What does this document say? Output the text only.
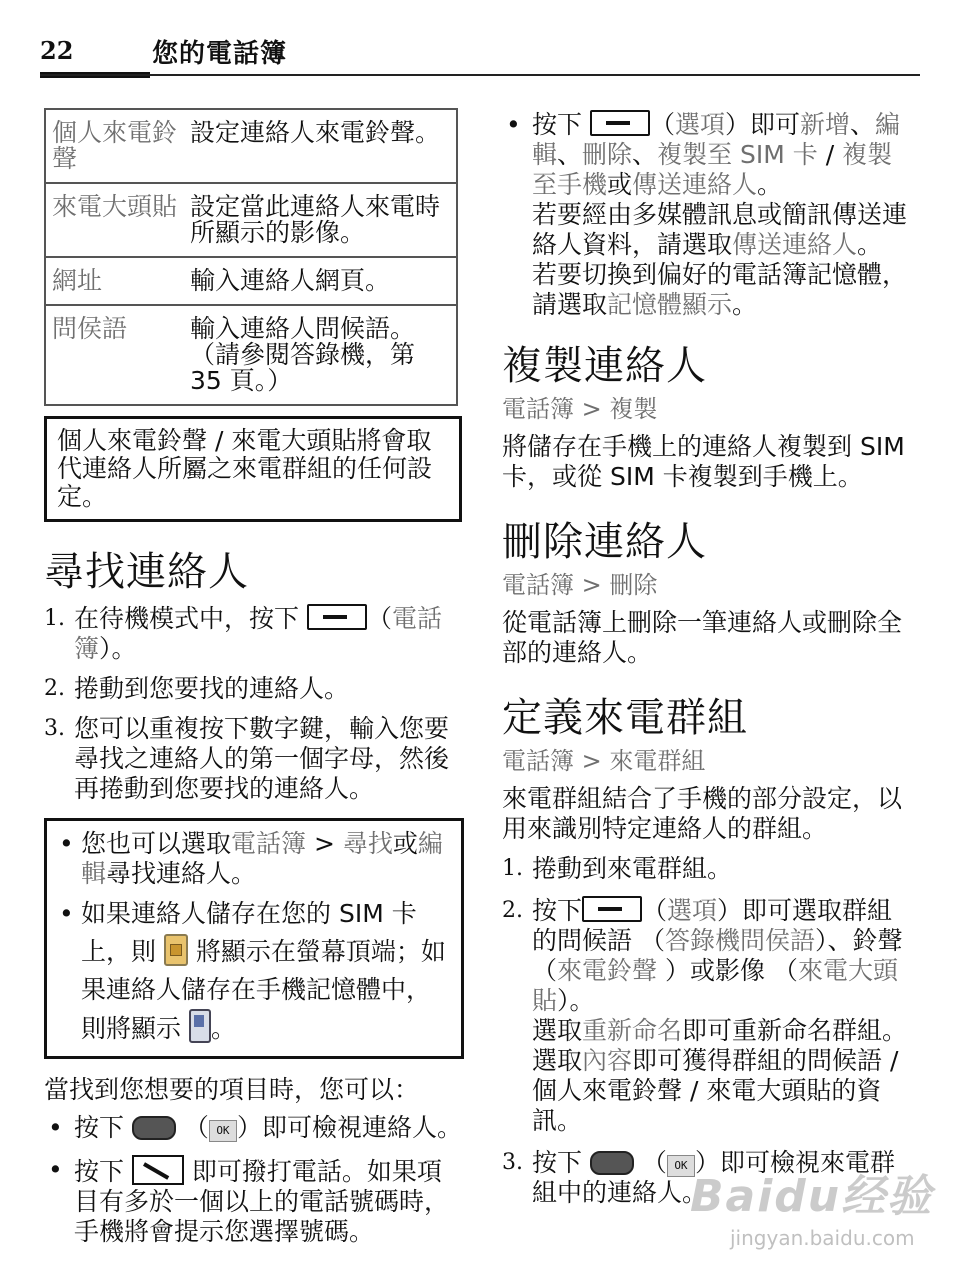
22	您的電話簿
個人來電鈴聲	設定連絡人來電鈴聲。
來電大頭貼	設定當此連絡人來電時所顯示的影像。
網址	輸入連絡人網頁。
問侯語	輸入連絡人問候語。（請參閱答錄機，第 35 頁。）
個人來電鈴聲 / 來電大頭貼將會取代連絡人所屬之來電群組的任何設定。
尋找連絡人
1. 在待機模式中，按下	（電話簿）。
2. 捲動到您要找的連絡人。
3. 您可以重複按下數字鍵，輸入您要尋找之連絡人的第一個字母，然後再捲動到您要找的連絡人。
• 您也可以選取電話簿 > 尋找或編輯尋找連絡人。
• 如果連絡人儲存在您的 SIM 卡上，則 將顯示在螢幕頂端；如果連絡人儲存在手機記憶體中，則將顯示 。

當找到您想要的項目時，您可以：

• 按下 （ OK ）即可檢視連絡人。
• 按下	即可撥打電話。如果項目有多於一個以上的電話號碼時，手機將會提示您選擇號碼。
• 按下	（選項）即可新增、編輯、刪除、複製至 SIM 卡 / 複製至手機或傳送連絡人。
若要經由多媒體訊息或簡訊傳送連絡人資料，請選取傳送連絡人。
若要切換到偏好的電話簿記憶體，請選取記憶體顯示。
複製連絡人
電話簿 > 複製

將儲存在手機上的連絡人複製到 SIM 卡，或從 SIM 卡複製到手機上。

刪除連絡人
電話簿 > 刪除

從電話簿上刪除一筆連絡人或刪除全部的連絡人。

定義來電群組
電話簿 > 來電群組

來電群組結合了手機的部分設定，以用來識別特定連絡人的群組。

1. 捲動到來電群組。
2. 按下 （選項）即可選取群組的問候語 （答錄機問侯語）、鈴聲 （來電鈴聲 ）或影像 （來電大頭貼）。
選取重新命名即可重新命名群組。
選取內容即可獲得群組的問候語 / 個人來電鈴聲 / 來電大頭貼的資訊。
3. 按下 （ OK ）即可檢視來電群組中的連絡人。
Baidu经验
jingyan.baidu.com
